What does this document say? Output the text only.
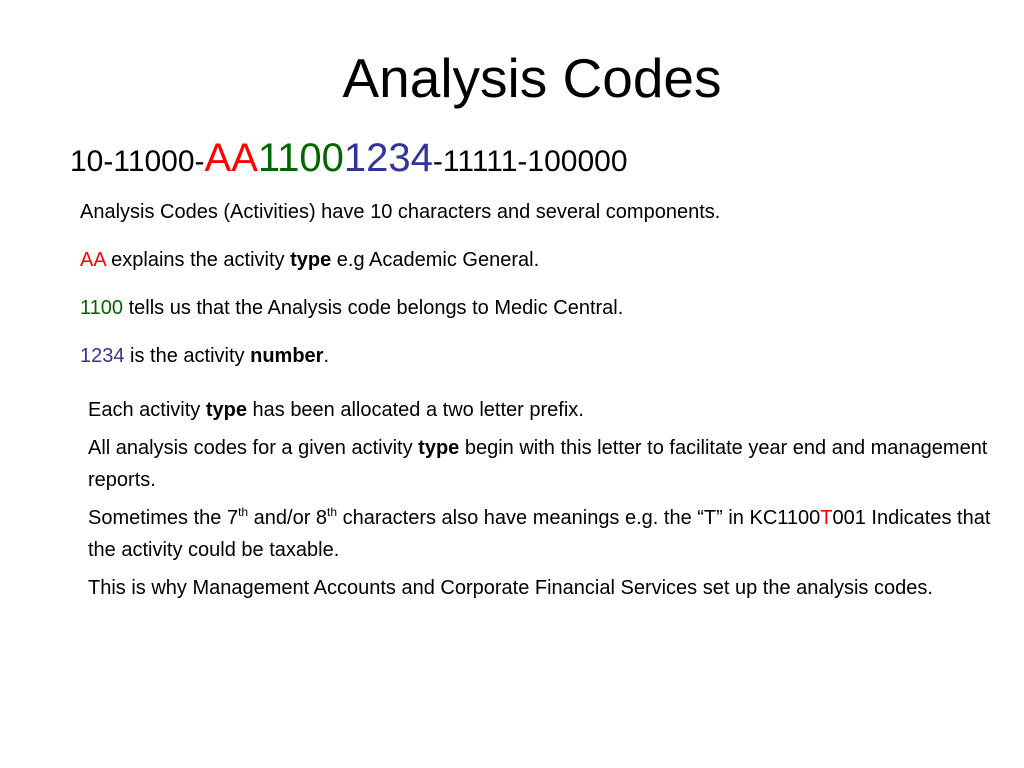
Analysis Codes
10-11000-AA11001234-11111-100000

Analysis Codes (Activities) have 10 characters and several components.

AA explains the activity type e.g Academic General.

1100 tells us that the Analysis code belongs to Medic Central.

1234 is the activity number.

Each activity type has been allocated a two letter prefix.

All analysis codes for a given activity type begin with this letter to facilitate year end and management reports.

Sometimes the 7th and/or 8th characters also have meanings e.g. the “T” in KC1100T001 Indicates that the activity could be taxable.

This is why Management Accounts and Corporate Financial Services set up the analysis codes.
